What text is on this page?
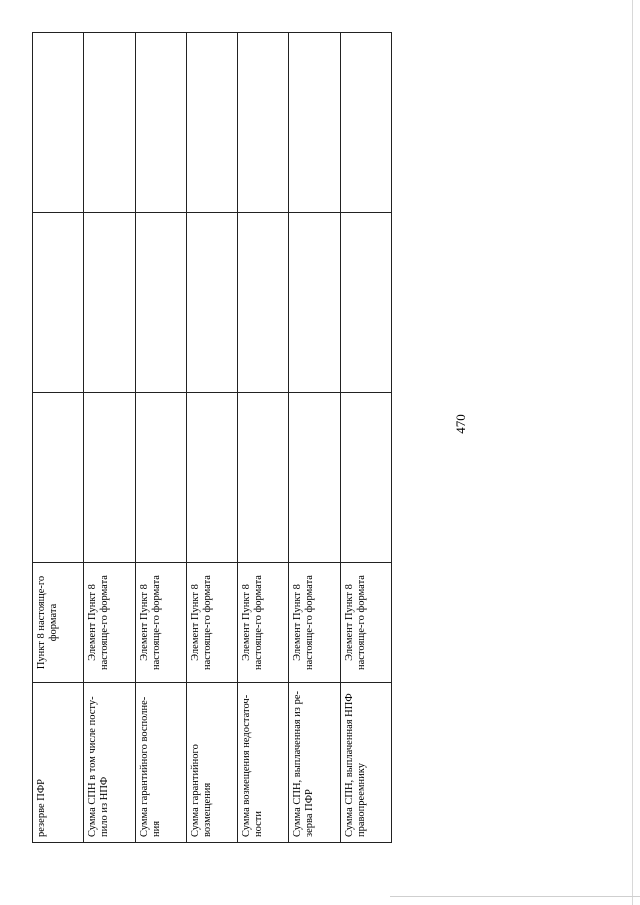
470
резерве ПФР	Пункт 8 настояще-го формата			
Сумма СПН в том числе посту-пило из НПФ	Элемент Пункт 8 настояще-го формата			
Сумма гарантийного восполне-ния	Элемент Пункт 8 настояще-го формата			
Сумма гарантийного возмещения	Элемент Пункт 8 настояще-го формата			
Сумма возмещения недостаточ-ности	Элемент Пункт 8 настояще-го формата			
Сумма СПН, выплаченная из ре-зерва ПФР	Элемент Пункт 8 настояще-го формата			
Сумма СПН, выплаченная НПФ правопреемнику	Элемент Пункт 8 настояще-го формата			
